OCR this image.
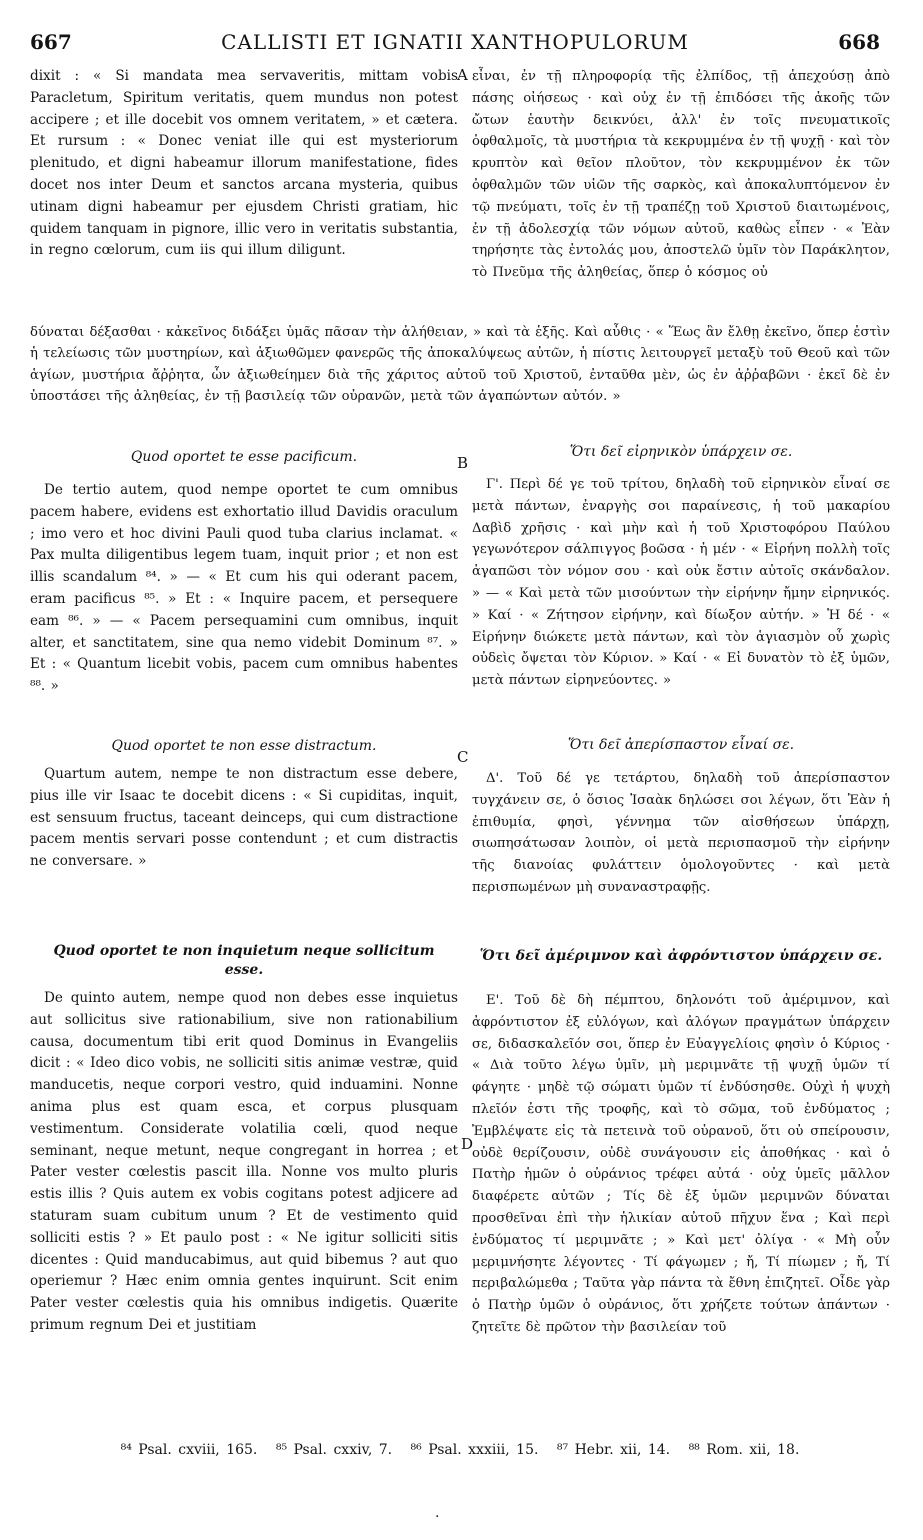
667	CALLISTI ET IGNATII XANTHOPULORUM	668

dixit : « Si mandata mea servaveritis, mittam vobis Paracletum, Spiritum veritatis, quem mundus non potest accipere ; et ille docebit vos omnem veritatem, » et cætera. Et rursum : « Donec veniat ille qui est mysteriorum plenitudo, et digni habeamur illorum manifestatione, fides docet nos inter Deum et sanctos arcana mysteria, quibus utinam digni habeamur per ejusdem Christi gratiam, hic quidem tanquam in pignore, illic vero in veritatis substantia, in regno cœlorum, cum iis qui illum diligunt.

A εἶναι, ἐν τῇ πληροφορίᾳ τῆς ἐλπίδος, τῇ ἀπεχούσῃ ἀπὸ πάσης οἰήσεως · καὶ οὐχ ἐν τῇ ἐπιδόσει τῆς ἀκοῆς τῶν ὤτων ἑαυτὴν δεικνύει, ἀλλ' ἐν τοῖς πνευματικοῖς ὀφθαλμοῖς, τὰ μυστήρια τὰ κεκρυμμένα ἐν τῇ ψυχῇ · καὶ τὸν κρυπτὸν καὶ θεῖον πλοῦτον, τὸν κεκρυμμένον ἐκ τῶν ὀφθαλμῶν τῶν υἱῶν τῆς σαρκὸς, καὶ ἀποκαλυπτόμενον ἐν τῷ πνεύματι, τοῖς ἐν τῇ τραπέζῃ τοῦ Χριστοῦ διαιτωμένοις, ἐν τῇ ἀδολεσχίᾳ τῶν νόμων αὐτοῦ, καθὼς εἶπεν · « Ἐὰν τηρήσητε τὰς ἐντολάς μου, ἀποστελῶ ὑμῖν τὸν Παράκλητον, τὸ Πνεῦμα τῆς ἀληθείας, ὅπερ ὁ κόσμος οὐ

δύναται δέξασθαι · κἀκεῖνος διδάξει ὑμᾶς πᾶσαν τὴν ἀλήθειαν, » καὶ τὰ ἑξῆς. Καὶ αὖθις · « Ἕως ἂν ἔλθῃ ἐκεῖνο, ὅπερ ἐστὶν ἡ τελείωσις τῶν μυστηρίων, καὶ ἀξιωθῶμεν φανερῶς τῆς ἀποκαλύψεως αὐτῶν, ἡ πίστις λειτουργεῖ μεταξὺ τοῦ Θεοῦ καὶ τῶν ἁγίων, μυστήρια ἄῤῥητα, ὧν ἀξιωθείημεν διὰ τῆς χάριτος αὐτοῦ τοῦ Χριστοῦ, ἐνταῦθα μὲν, ὡς ἐν ἀῤῥαβῶνι · ἐκεῖ δὲ ἐν ὑποστάσει τῆς ἀληθείας, ἐν τῇ βασιλείᾳ τῶν οὐρανῶν, μετὰ τῶν ἀγαπώντων αὐτόν. »

Quod oportet te esse pacificum.	B
Ὅτι δεῖ εἰρηνικὸν ὑπάρχειν σε.

De tertio autem, quod nempe oportet te cum omnibus pacem habere, evidens est exhortatio illud Davidis oraculum ; imo vero et hoc divini Pauli quod tuba clarius inclamat. « Pax multa diligentibus legem tuam, inquit prior ; et non est illis scandalum ⁸⁴. » — « Et cum his qui oderant pacem, eram pacificus ⁸⁵. » Et : « Inquire pacem, et persequere eam ⁸⁶. » — « Pacem persequamini cum omnibus, inquit alter, et sanctitatem, sine qua nemo videbit Dominum ⁸⁷. » Et : « Quantum licebit vobis, pacem cum omnibus habentes ⁸⁸. »

Γ'. Περὶ δέ γε τοῦ τρίτου, δηλαδὴ τοῦ εἰρηνικὸν εἶναί σε μετὰ πάντων, ἐναργὴς σοι παραίνεσις, ἡ τοῦ μακαρίου Δαβὶδ χρῆσις · καὶ μὴν καὶ ἡ τοῦ Χριστοφόρου Παύλου γεγωνότερον σάλπιγγος βοῶσα · ἡ μέν · « Εἰρήνη πολλὴ τοῖς ἀγαπῶσι τὸν νόμον σου · καὶ οὐκ ἔστιν αὐτοῖς σκάνδαλον. » — « Καὶ μετὰ τῶν μισούντων τὴν εἰρήνην ἤμην εἰρηνικός. » Καί · « Ζήτησον εἰρήνην, καὶ δίωξον αὐτήν. » Ἡ δέ · « Εἰρήνην διώκετε μετὰ πάντων, καὶ τὸν ἁγιασμὸν οὗ χωρὶς οὐδεὶς ὄψεται τὸν Κύριον. » Καί · « Εἰ δυνατὸν τὸ ἐξ ὑμῶν, μετὰ πάντων εἰρηνεύοντες. »

Quod oportet te non esse distractum.
C
Ὅτι δεῖ ἀπερίσπαστον εἶναί σε.

Quartum autem, nempe te non distractum esse debere, pius ille vir Isaac te docebit dicens : « Si cupiditas, inquit, est sensuum fructus, taceant deinceps, qui cum distractione pacem mentis servari posse contendunt ; et cum distractis ne conversare. »

Δ'. Τοῦ δέ γε τετάρτου, δηλαδὴ τοῦ ἀπερίσπαστον τυγχάνειν σε, ὁ ὅσιος Ἰσαὰκ δηλώσει σοι λέγων, ὅτι Ἐὰν ἡ ἐπιθυμία, φησὶ, γέννημα τῶν αἰσθήσεων ὑπάρχῃ, σιωπησάτωσαν λοιπὸν, οἱ μετὰ περισπασμοῦ τὴν εἰρήνην τῆς διανοίας φυλάττειν ὁμολογοῦντες · καὶ μετὰ περισπωμένων μὴ συναναστραφῇς.

Quod oportet te non inquietum neque sollicitum
esse.
Ὅτι δεῖ ἀμέριμνον καὶ ἀφρόντιστον ὑπάρχειν σε.

De quinto autem, nempe quod non debes esse inquietus aut sollicitus sive rationabilium, sive non rationabilium causa, documentum tibi erit quod Dominus in Evangeliis dicit : « Ideo dico vobis, ne solliciti sitis animæ vestræ, quid manducetis, neque corpori vestro, quid induamini. Nonne anima plus est quam esca, et corpus plusquam vestimentum. Considerate volatilia cœli, quod neque seminant, neque metunt, neque congregant in horrea ; et Pater vester cœlestis pascit illa. Nonne vos multo pluris estis illis ? Quis autem ex vobis cogitans potest adjicere ad staturam suam cubitum unum ? Et de vestimento quid solliciti estis ? » Et paulo post : « Ne igitur solliciti sitis dicentes : Quid manducabimus, aut quid bibemus ? aut quo operiemur ? Hæc enim omnia gentes inquirunt. Scit enim Pater vester cœlestis quia his omnibus indigetis. Quærite primum regnum Dei et justitiam

D

Ε'. Τοῦ δὲ δὴ πέμπτου, δηλονότι τοῦ ἀμέριμνον, καὶ ἀφρόντιστον ἐξ εὐλόγων, καὶ ἀλόγων πραγμάτων ὑπάρχειν σε, διδασκαλεῖόν σοι, ὅπερ ἐν Εὐαγγελίοις φησὶν ὁ Κύριος · « Διὰ τοῦτο λέγω ὑμῖν, μὴ μεριμνᾶτε τῇ ψυχῇ ὑμῶν τί φάγητε · μηδὲ τῷ σώματι ὑμῶν τί ἐνδύσησθε. Οὐχὶ ἡ ψυχὴ πλεῖόν ἐστι τῆς τροφῆς, καὶ τὸ σῶμα, τοῦ ἐνδύματος ; Ἐμβλέψατε εἰς τὰ πετεινὰ τοῦ οὐρανοῦ, ὅτι οὐ σπείρουσιν, οὐδὲ θερίζουσιν, οὐδὲ συνάγουσιν εἰς ἀποθήκας · καὶ ὁ Πατὴρ ἡμῶν ὁ οὐράνιος τρέφει αὐτά · οὐχ ὑμεῖς μᾶλλον διαφέρετε αὐτῶν ; Τίς δὲ ἐξ ὑμῶν μεριμνῶν δύναται προσθεῖναι ἐπὶ τὴν ἡλικίαν αὐτοῦ πῆχυν ἕνα ; Καὶ περὶ ἐνδύματος τί μεριμνᾶτε ; » Καὶ μετ' ὀλίγα · « Μὴ οὖν μεριμνήσητε λέγοντες · Τί φάγωμεν ; ἤ, Τί πίωμεν ; ἤ, Τί περιβαλώμεθα ; Ταῦτα γὰρ πάντα τὰ ἔθνη ἐπιζητεῖ. Οἶδε γὰρ ὁ Πατὴρ ὑμῶν ὁ οὐράνιος, ὅτι χρήζετε τούτων ἁπάντων · ζητεῖτε δὲ πρῶτον τὴν βασιλείαν τοῦ

⁸⁴ Psal. cxviii, 165. ⁸⁵ Psal. cxxiv, 7. ⁸⁶ Psal. xxxiii, 15. ⁸⁷ Hebr. xii, 14. ⁸⁸ Rom. xii, 18.
.
